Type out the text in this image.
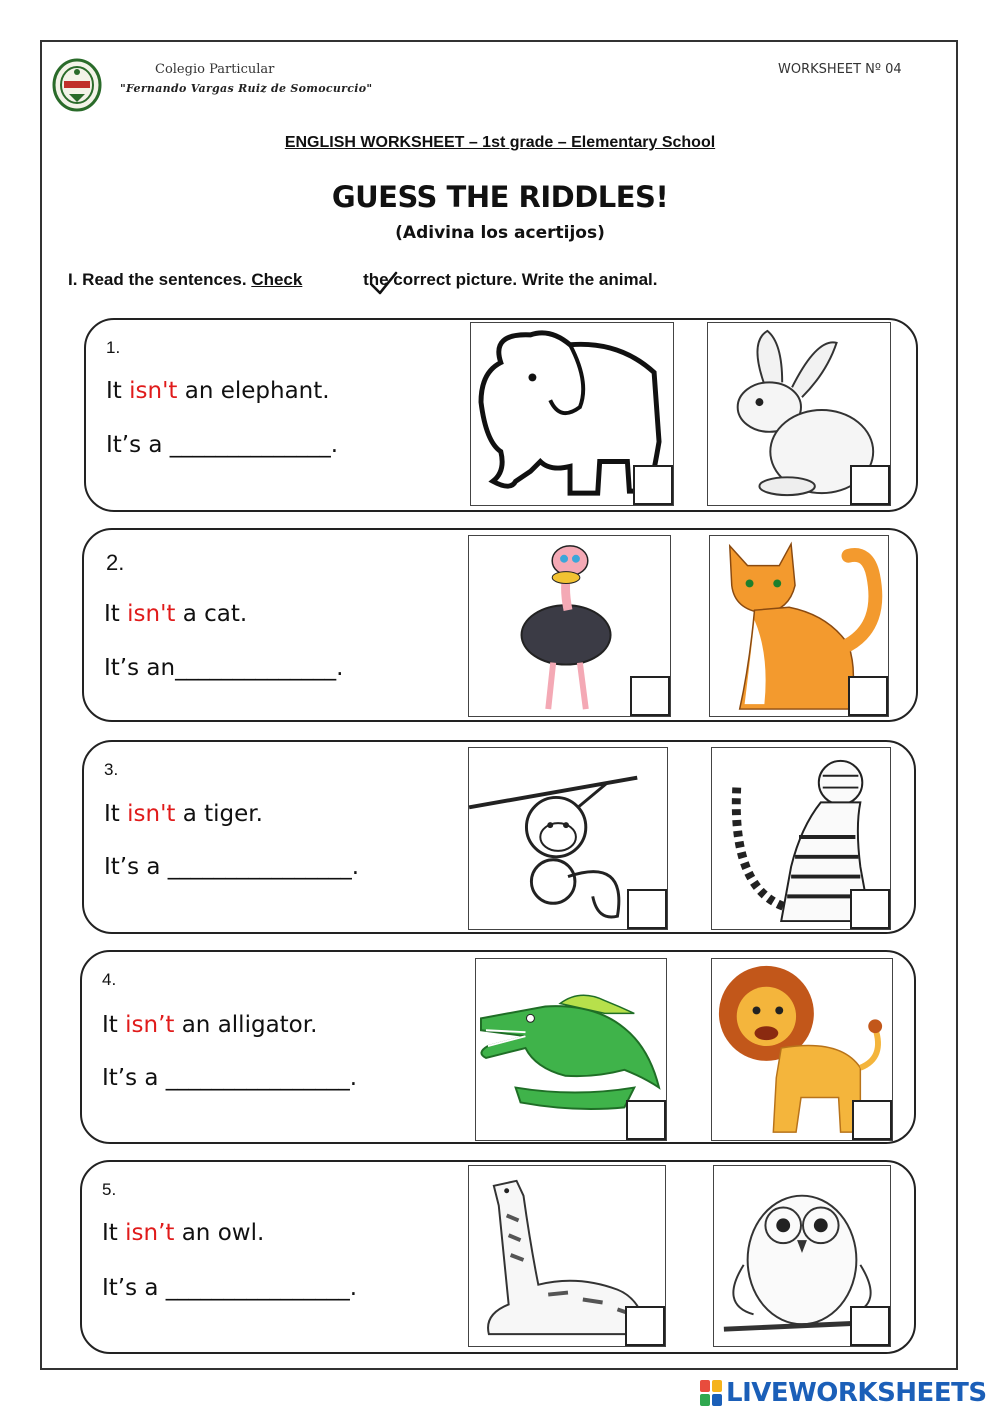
Colegio Particular
"Fernando Vargas Ruiz de Somocurcio"
WORKSHEET Nº 04
ENGLISH WORKSHEET – 1st grade – Elementary School
GUESS THE RIDDLES!
(Adivina los acertijos)
I. Read the sentences. Check	the correct picture. Write the animal.
1.
It isn't an elephant.
It’s a ______________.
2.
It isn't a cat.
It’s an______________.
3.
It isn't a tiger.
It’s a ________________.
4.
It isn’t an alligator.
It’s a ________________.
5.
It isn’t an owl.
It’s a ________________.
LIVEWORKSHEETS
